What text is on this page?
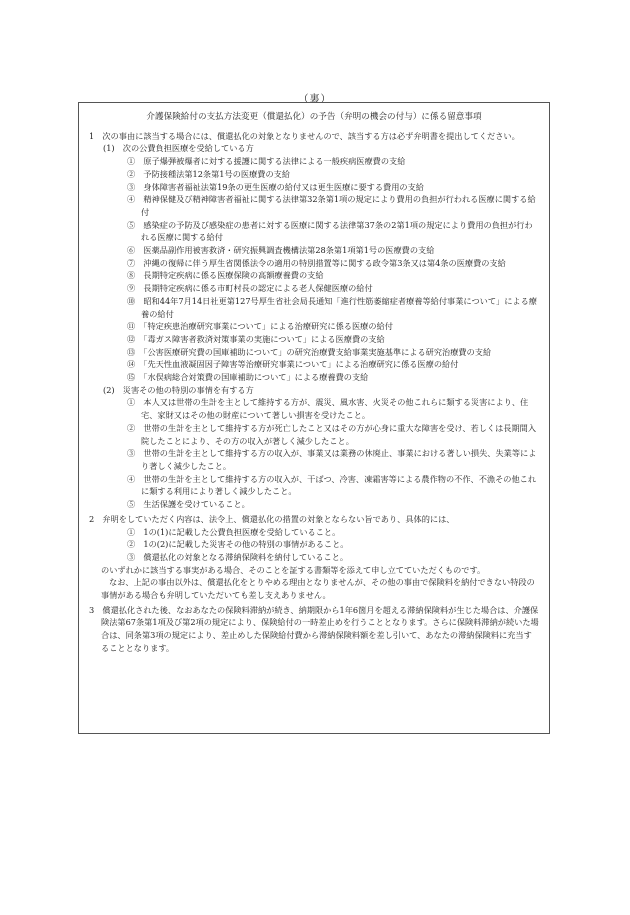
（裏）
介護保険給付の支払方法変更（償還払化）の予告（弁明の機会の付与）に係る留意事項

1　次の事由に該当する場合には、償還払化の対象となりませんので、該当する方は必ず弁明書を提出してください。

(1)　次の公費負担医療を受給している方

①　原子爆弾被爆者に対する援護に関する法律による一般疾病医療費の支給

②　予防接種法第12条第1号の医療費の支給

③　身体障害者福祉法第19条の更生医療の給付又は更生医療に要する費用の支給

④　精神保健及び精神障害者福祉に関する法律第32条第1項の規定により費用の負担が行われる医療に関する給付

⑤　感染症の予防及び感染症の患者に対する医療に関する法律第37条の2第1項の規定により費用の負担が行われる医療に関する給付

⑥　医薬品副作用被害救済・研究振興調査機構法第28条第1項第1号の医療費の支給

⑦　沖縄の復帰に伴う厚生省関係法令の適用の特別措置等に関する政令第3条又は第4条の医療費の支給

⑧　長期特定疾病に係る医療保険の高額療養費の支給

⑨　長期特定疾病に係る市町村長の認定による老人保健医療の給付

⑩　昭和44年7月14日社更第127号厚生省社会局長通知「進行性筋萎縮症者療養等給付事業について」による療養の給付

⑪　「特定疾患治療研究事業について」による治療研究に係る医療の給付

⑫　「毒ガス障害者救済対策事業の実施について」による医療費の支給

⑬　「公害医療研究費の国庫補助について」の研究治療費支給事業実施基準による研究治療費の支給

⑭　「先天性血液凝固因子障害等治療研究事業について」による治療研究に係る医療の給付

⑮　「水俣病総合対策費の国庫補助について」による療養費の支給

(2)　災害その他の特別の事情を有する方

①　本人又は世帯の生計を主として維持する方が、震災、風水害、火災その他これらに類する災害により、住宅、家財又はその他の財産について著しい損害を受けたこと。

②　世帯の生計を主として維持する方が死亡したこと又はその方が心身に重大な障害を受け、若しくは長期間入院したことにより、その方の収入が著しく減少したこと。

③　世帯の生計を主として維持する方の収入が、事業又は業務の休廃止、事業における著しい損失、失業等により著しく減少したこと。

④　世帯の生計を主として維持する方の収入が、干ばつ、冷害、凍霜害等による農作物の不作、不漁その他これに類する利用により著しく減少したこと。

⑤　生活保護を受けていること。

2　弁明をしていただく内容は、法令上、償還払化の措置の対象とならない旨であり、具体的には、

①　1の(1)に記載した公費負担医療を受給していること。

②　1の(2)に記載した災害その他の特別の事情があること。

③　償還払化の対象となる滞納保険料を納付していること。

のいずれかに該当する事実がある場合、そのことを証する書類等を添えて申し立てていただくものです。

なお、上記の事由以外は、償還払化をとりやめる理由となりませんが、その他の事由で保険料を納付できない特段の事情がある場合も弁明していただいても差し支えありません。

3　償還払化された後、なおあなたの保険料滞納が続き、納期限から1年6箇月を超える滞納保険料が生じた場合は、介護保険法第67条第1項及び第2項の規定により、保険給付の一時差止めを行うこととなります。さらに保険料滞納が続いた場合は、同条第3項の規定により、差止めした保険給付費から滞納保険料額を差し引いて、あなたの滞納保険料に充当することとなります。
